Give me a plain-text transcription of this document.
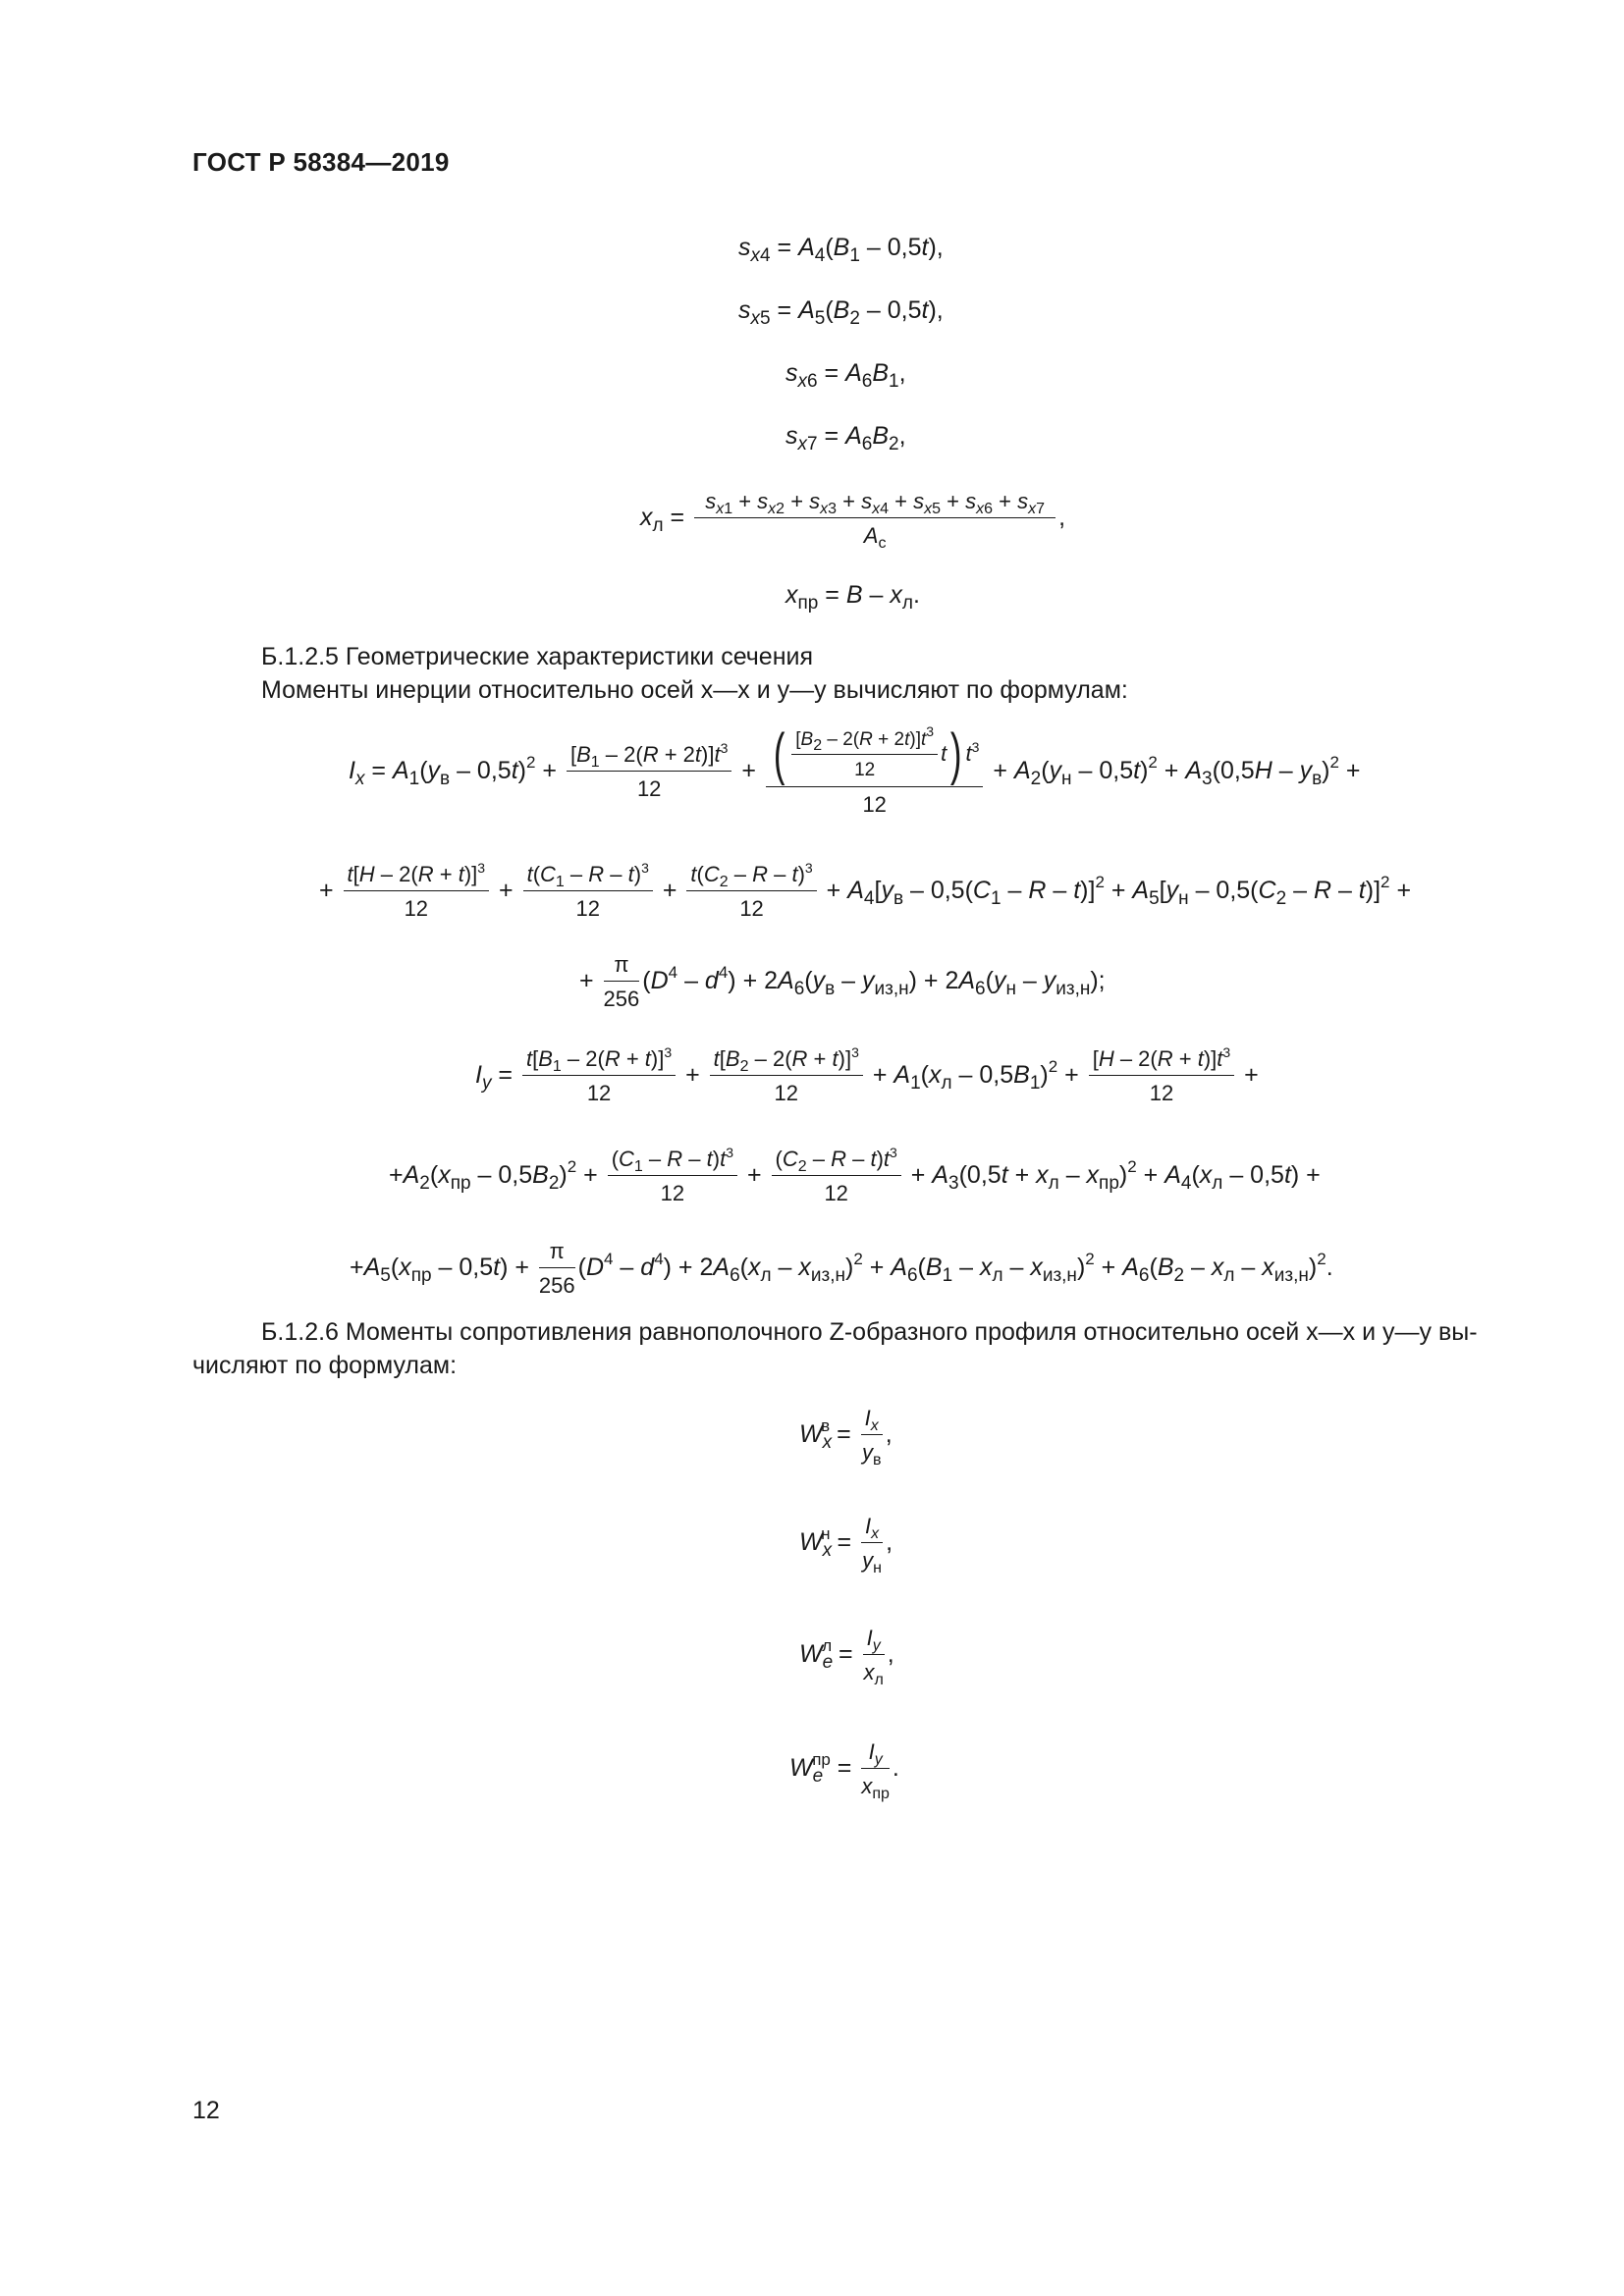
ГОСТ Р 58384—2019
$s_{x4} = A_4(B_1 - 0,5t)$,
$s_{x5} = A_5(B_2 - 0,5t)$,
$s_{x6} = A_6B_1$,
$s_{x7} = A_6B_2$,
$x_л$ =
$s_{x1} + s_{x2} + s_{x3} + s_{x4} + s_{x5} + s_{x6} + s_{x7}$
$A_с$
,
$x_{пр} = B - x_л$.
Б.1.2.5 Геометрические характеристики сечения
Моменты инерции относительно осей x—x и y—y вычисляют по формулам:
$I_x = A_1(y_в - 0,5t)^2 + \frac{[B_1 - 2(R + 2t)]t^3}{12} + \frac{( \frac{[B_2 - 2(R + 2t)]t^3}{12} t) t^3}{12} + A_2(y_н - 0,5t)^2 + A_3(0,5H - y_в)^2$ +
+ $\frac{t[H - 2(R + t)]^3}{12} + \frac{t(C_1 - R - t)^3}{12} + \frac{t(C_2 - R - t)^3}{12} + A_4[y_в - 0,5(C_1 - R - t)]^2 + A_5[y_н - 0,5(C_2 - R - t)]^2$ +
+ $\frac{\pi}{256} (D^4 - d^4) + 2A_6(y_в - y_{из,н}) + 2A_6(y_н - y_{из,н})$;
$I_y = \frac{t[B_1 - 2(R + t)]^3}{12} + \frac{t[B_2 - 2(R + t)]^3}{12} + A_1(x_л - 0,5B_1)^2 + \frac{[H - 2(R + t)]t^3}{12}$ +
$+A_2(x_{пр} - 0,5B_2)^2 + \frac{(C_1 - R - t)t^3}{12} + \frac{(C_2 - R - t)t^3}{12} + A_3(0,5t + x_л - x_{пр})^2 + A_4(x_л - 0,5t)$ +
$+A_5(x_{пр} - 0,5t) + \frac{\pi}{256} (D^4 - d^4) + 2A_6(x_л - x_{из,н})^2 + A_6(B_1 - x_л - x_{из,н})^2 + A_6(B_2 - x_л - x_{из,н})^2$.
Б.1.2.6 Моменты сопротивления равнополочного Z-образного профиля относительно осей x—x и y—y вы-
числяют по формулам:
$W_x^в$ =
$I_x$
$y_в$
,
$W_x^н$ =
$I_x$
$y_н$
,
$W_e^л$ =
$I_y$
$x_л$
,
$W_e^{пр}$ =
$I_y$
$x_{пр}$
.
12
